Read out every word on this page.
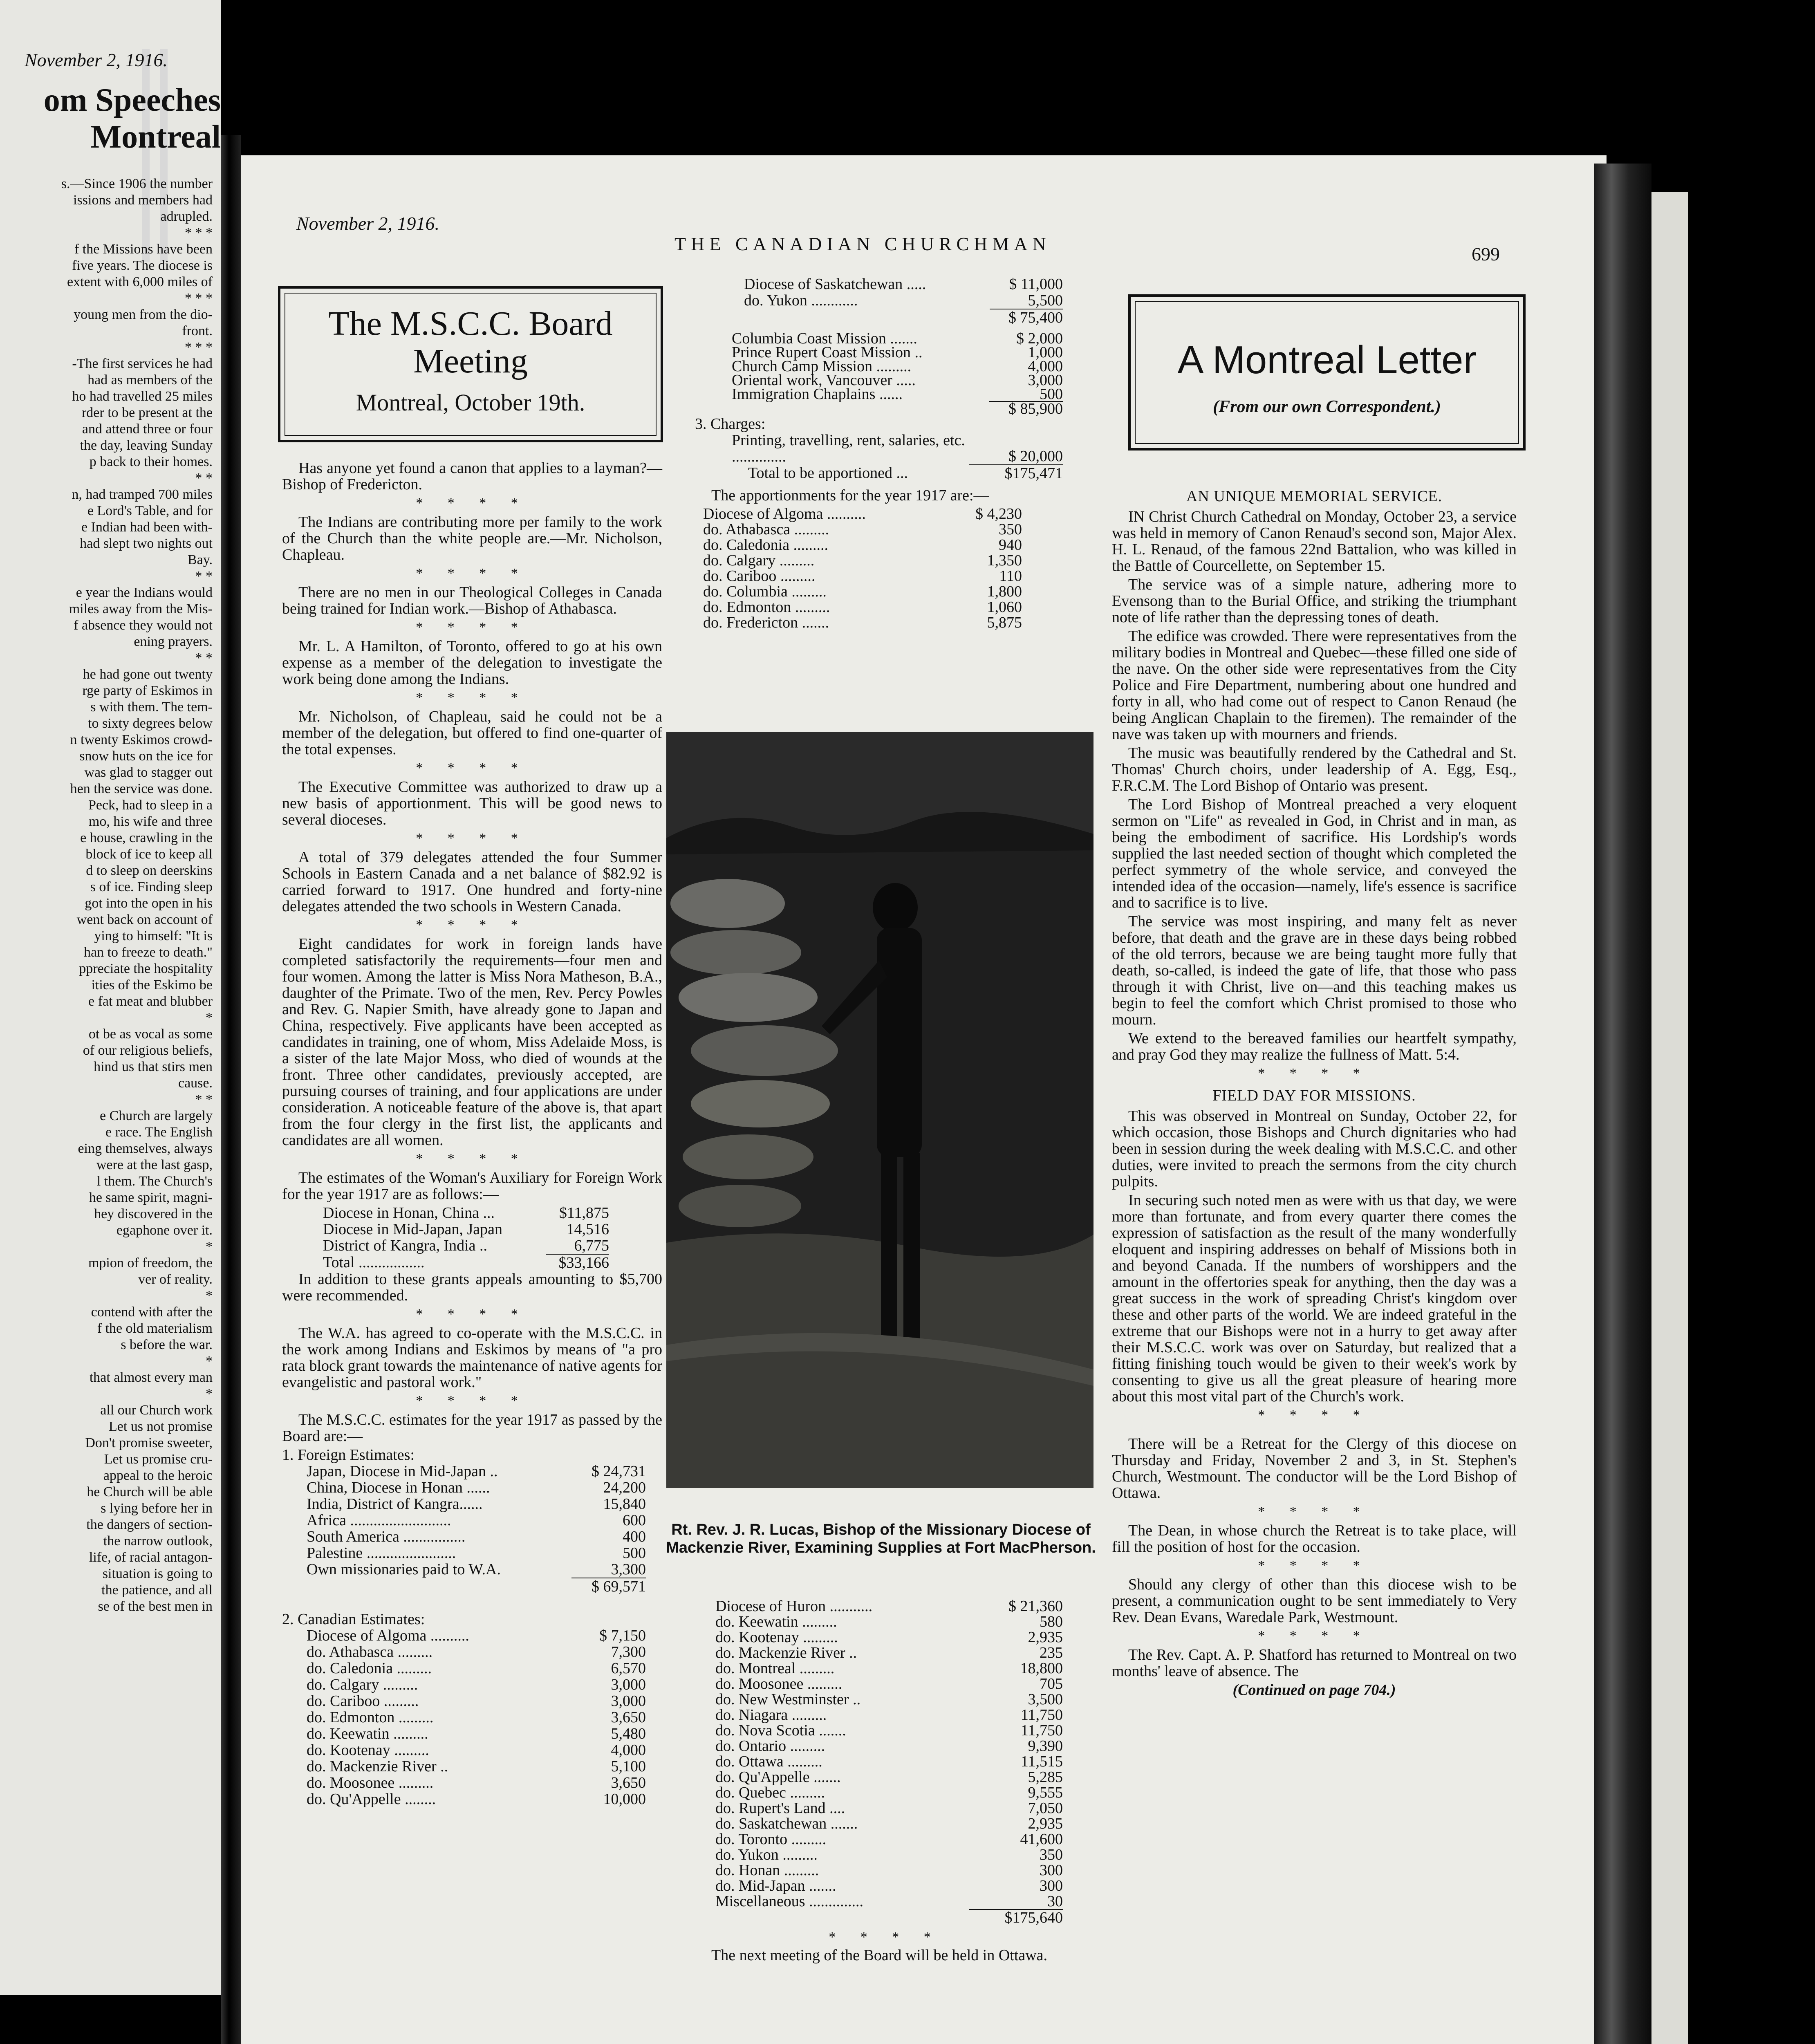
November 2, 1916.
om Speeches
Montreal
s.—Since 1906 the number
issions and members had
adrupled.
* * *
f the Missions have been
five years. The diocese is
extent with 6,000 miles of
* * *
young men from the dio-
front.
* * *
-The first services he had
had as members of the
ho had travelled 25 miles
rder to be present at the
and attend three or four
the day, leaving Sunday
p back to their homes.
* *
n, had tramped 700 miles
e Lord's Table, and for
e Indian had been with-
had slept two nights out
Bay.
* *
e year the Indians would
miles away from the Mis-
f absence they would not
ening prayers.
* *
he had gone out twenty
rge party of Eskimos in
s with them. The tem-
to sixty degrees below
n twenty Eskimos crowd-
snow huts on the ice for
was glad to stagger out
hen the service was done.
Peck, had to sleep in a
mo, his wife and three
e house, crawling in the
block of ice to keep all
d to sleep on deerskins
s of ice. Finding sleep
got into the open in his
went back on account of
ying to himself: "It is
han to freeze to death."
ppreciate the hospitality
ities of the Eskimo be
e fat meat and blubber
*
ot be as vocal as some
of our religious beliefs,
hind us that stirs men
cause.
* *
e Church are largely
e race. The English
eing themselves, always
were at the last gasp,
l them. The Church's
he same spirit, magni-
hey discovered in the
egaphone over it.
*
mpion of freedom, the
ver of reality.
*
contend with after the
f the old materialism
s before the war.
*
that almost every man
*
all our Church work
Let us not promise
Don't promise sweeter,
Let us promise cru-
appeal to the heroic
he Church will be able
s lying before her in
the dangers of section-
the narrow outlook,
life, of racial antagon-
situation is going to
the patience, and all
se of the best men in
November 2, 1916.
THE CANADIAN CHURCHMAN	699
The M.S.C.C. Board
Meeting
Montreal, October 19th.

Has anyone yet found a canon that applies to a layman?—Bishop of Fredericton.

* * * *

The Indians are contributing more per family to the work of the Church than the white people are.—Mr. Nicholson, Chapleau.

* * * *

There are no men in our Theological Colleges in Canada being trained for Indian work.—Bishop of Athabasca.

* * * *

Mr. L. A Hamilton, of Toronto, offered to go at his own expense as a member of the delegation to investigate the work being done among the Indians.

* * * *

Mr. Nicholson, of Chapleau, said he could not be a member of the delegation, but offered to find one-quarter of the total expenses.

* * * *

The Executive Committee was authorized to draw up a new basis of apportionment. This will be good news to several dioceses.

* * * *

A total of 379 delegates attended the four Summer Schools in Eastern Canada and a net balance of $82.92 is carried forward to 1917. One hundred and forty-nine delegates attended the two schools in Western Canada.

* * * *

Eight candidates for work in foreign lands have completed satisfactorily the requirements—four men and four women. Among the latter is Miss Nora Matheson, B.A., daughter of the Primate. Two of the men, Rev. Percy Powles and Rev. G. Napier Smith, have already gone to Japan and China, respectively. Five applicants have been accepted as candidates in training, one of whom, Miss Adelaide Moss, is a sister of the late Major Moss, who died of wounds at the front. Three other candidates, previously accepted, are pursuing courses of training, and four applications are under consideration. A noticeable feature of the above is, that apart from the four clergy in the first list, the applicants and candidates are all women.

* * * *

The estimates of the Woman's Auxiliary for Foreign Work for the year 1917 are as follows:—

Diocese in Honan, China ...	$11,875
Diocese in Mid-Japan, Japan	14,516
District of Kangra, India ..	6,775
Total .................	$33,166

In addition to these grants appeals amounting to $5,700 were recommended.

* * * *

The W.A. has agreed to co-operate with the M.S.C.C. in the work among Indians and Eskimos by means of "a pro rata block grant towards the maintenance of native agents for evangelistic and pastoral work."

* * * *

The M.S.C.C. estimates for the year 1917 as passed by the Board are:—

1. Foreign Estimates:
Japan, Diocese in Mid-Japan ..	$ 24,731
China, Diocese in Honan ......	24,200
India, District of Kangra......	15,840
Africa ..........................	600
South America ................	400
Palestine .......................	500
Own missionaries paid to W.A.	3,300
	$ 69,571
2. Canadian Estimates:
Diocese of Algoma ..........	$ 7,150
do. Athabasca .........	7,300
do. Caledonia .........	6,570
do. Calgary .........	3,000
do. Cariboo .........	3,000
do. Edmonton .........	3,650
do. Keewatin .........	5,480
do. Kootenay .........	4,000
do. Mackenzie River ..	5,100
do. Moosonee .........	3,650
do. Qu'Appelle ........	10,000
Diocese of Saskatchewan .....	$ 11,000
do. Yukon ............	5,500
	$ 75,400
Columbia Coast Mission .......	$ 2,000
Prince Rupert Coast Mission ..	1,000
Church Camp Mission .........	4,000
Oriental work, Vancouver .....	3,000
Immigration Chaplains ......	500
	$ 85,900
3. Charges:
Printing, travelling, rent, salaries, etc. ..............	$ 20,000
Total to be apportioned ...	$175,471

The apportionments for the year 1917 are:—

Diocese of Algoma ..........	$ 4,230
do. Athabasca .........	350
do. Caledonia .........	940
do. Calgary .........	1,350
do. Cariboo .........	110
do. Columbia .........	1,800
do. Edmonton .........	1,060
do. Fredericton .......	5,875
Rt. Rev. J. R. Lucas, Bishop of the Missionary Diocese of Mackenzie River, Examining Supplies at Fort MacPherson.
Diocese of Huron ...........	$ 21,360
do. Keewatin .........	580
do. Kootenay .........	2,935
do. Mackenzie River ..	235
do. Montreal .........	18,800
do. Moosonee .........	705
do. New Westminster ..	3,500
do. Niagara .........	11,750
do. Nova Scotia .......	11,750
do. Ontario .........	9,390
do. Ottawa .........	11,515
do. Qu'Appelle .......	5,285
do. Quebec .........	9,555
do. Rupert's Land ....	7,050
do. Saskatchewan .......	2,935
do. Toronto .........	41,600
do. Yukon .........	350
do. Honan .........	300
do. Mid-Japan .......	300
Miscellaneous ..............	30
	$175,640
* * * *

The next meeting of the Board will be held in Ottawa.

A Montreal Letter
(From our own Correspondent.)
AN UNIQUE MEMORIAL SERVICE.

IN Christ Church Cathedral on Monday, October 23, a service was held in memory of Canon Renaud's second son, Major Alex. H. L. Renaud, of the famous 22nd Battalion, who was killed in the Battle of Courcellette, on September 15.

The service was of a simple nature, adhering more to Evensong than to the Burial Office, and striking the triumphant note of life rather than the depressing tones of death.

The edifice was crowded. There were representatives from the military bodies in Montreal and Quebec—these filled one side of the nave. On the other side were representatives from the City Police and Fire Department, numbering about one hundred and forty in all, who had come out of respect to Canon Renaud (he being Anglican Chaplain to the firemen). The remainder of the nave was taken up with mourners and friends.

The music was beautifully rendered by the Cathedral and St. Thomas' Church choirs, under leadership of A. Egg, Esq., F.R.C.M. The Lord Bishop of Ontario was present.

The Lord Bishop of Montreal preached a very eloquent sermon on "Life" as revealed in God, in Christ and in man, as being the embodiment of sacrifice. His Lordship's words supplied the last needed section of thought which completed the perfect symmetry of the whole service, and conveyed the intended idea of the occasion—namely, life's essence is sacrifice and to sacrifice is to live.

The service was most inspiring, and many felt as never before, that death and the grave are in these days being robbed of the old terrors, because we are being taught more fully that death, so-called, is indeed the gate of life, that those who pass through it with Christ, live on—and this teaching makes us begin to feel the comfort which Christ promised to those who mourn.

We extend to the bereaved families our heartfelt sympathy, and pray God they may realize the fullness of Matt. 5:4.

* * * *
FIELD DAY FOR MISSIONS.

This was observed in Montreal on Sunday, October 22, for which occasion, those Bishops and Church dignitaries who had been in session during the week dealing with M.S.C.C. and other duties, were invited to preach the sermons from the city church pulpits.

In securing such noted men as were with us that day, we were more than fortunate, and from every quarter there comes the expression of satisfaction as the result of the many wonderfully eloquent and inspiring addresses on behalf of Missions both in and beyond Canada. If the numbers of worshippers and the amount in the offertories speak for anything, then the day was a great success in the work of spreading Christ's kingdom over these and other parts of the world. We are indeed grateful in the extreme that our Bishops were not in a hurry to get away after their M.S.C.C. work was over on Saturday, but realized that a fitting finishing touch would be given to their week's work by consenting to give us all the great pleasure of hearing more about this most vital part of the Church's work.

* * * *

There will be a Retreat for the Clergy of this diocese on Thursday and Friday, November 2 and 3, in St. Stephen's Church, Westmount. The conductor will be the Lord Bishop of Ottawa.

* * * *

The Dean, in whose church the Retreat is to take place, will fill the position of host for the occasion.

* * * *

Should any clergy of other than this diocese wish to be present, a communication ought to be sent immediately to Very Rev. Dean Evans, Waredale Park, Westmount.

* * * *

The Rev. Capt. A. P. Shatford has returned to Montreal on two months' leave of absence. The

(Continued on page 704.)
